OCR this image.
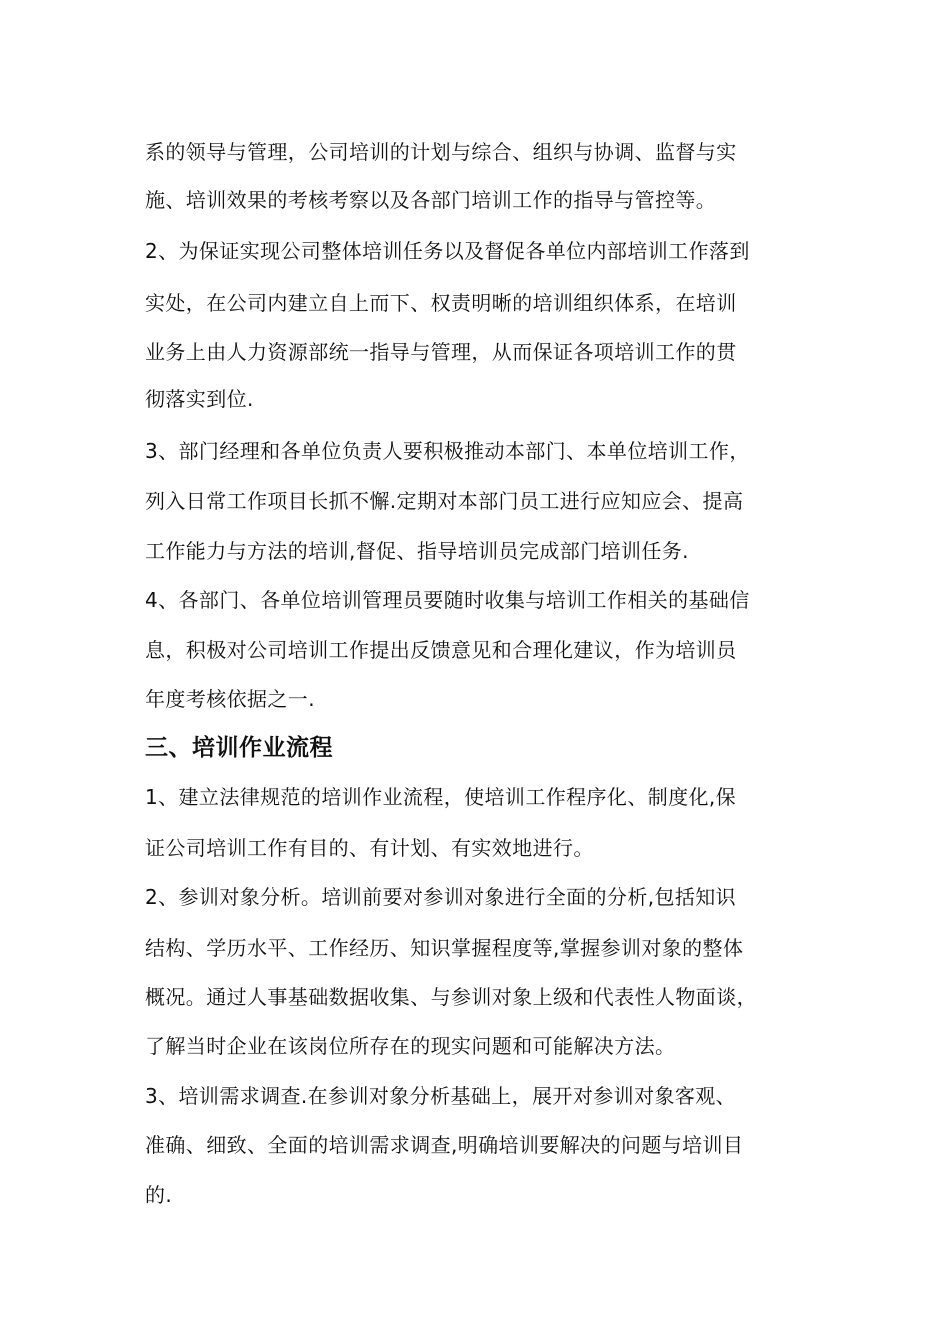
系的领导与管理，公司培训的计划与综合、组织与协调、监督与实
施、培训效果的考核考察以及各部门培训工作的指导与管控等。
2、为保证实现公司整体培训任务以及督促各单位内部培训工作落到
实处，在公司内建立自上而下、权责明晰的培训组织体系，在培训
业务上由人力资源部统一指导与管理，从而保证各项培训工作的贯
彻落实到位.
3、部门经理和各单位负责人要积极推动本部门、本单位培训工作，
列入日常工作项目长抓不懈.定期对本部门员工进行应知应会、提高
工作能力与方法的培训,督促、指导培训员完成部门培训任务.
4、各部门、各单位培训管理员要随时收集与培训工作相关的基础信
息，积极对公司培训工作提出反馈意见和合理化建议，作为培训员
年度考核依据之一.
三、培训作业流程
1、建立法律规范的培训作业流程，使培训工作程序化、制度化,保
证公司培训工作有目的、有计划、有实效地进行。
2、参训对象分析。培训前要对参训对象进行全面的分析,包括知识
结构、学历水平、工作经历、知识掌握程度等,掌握参训对象的整体
概况。通过人事基础数据收集、与参训对象上级和代表性人物面谈，
了解当时企业在该岗位所存在的现实问题和可能解决方法。
3、培训需求调查.在参训对象分析基础上，展开对参训对象客观、
准确、细致、全面的培训需求调查,明确培训要解决的问题与培训目
的.
